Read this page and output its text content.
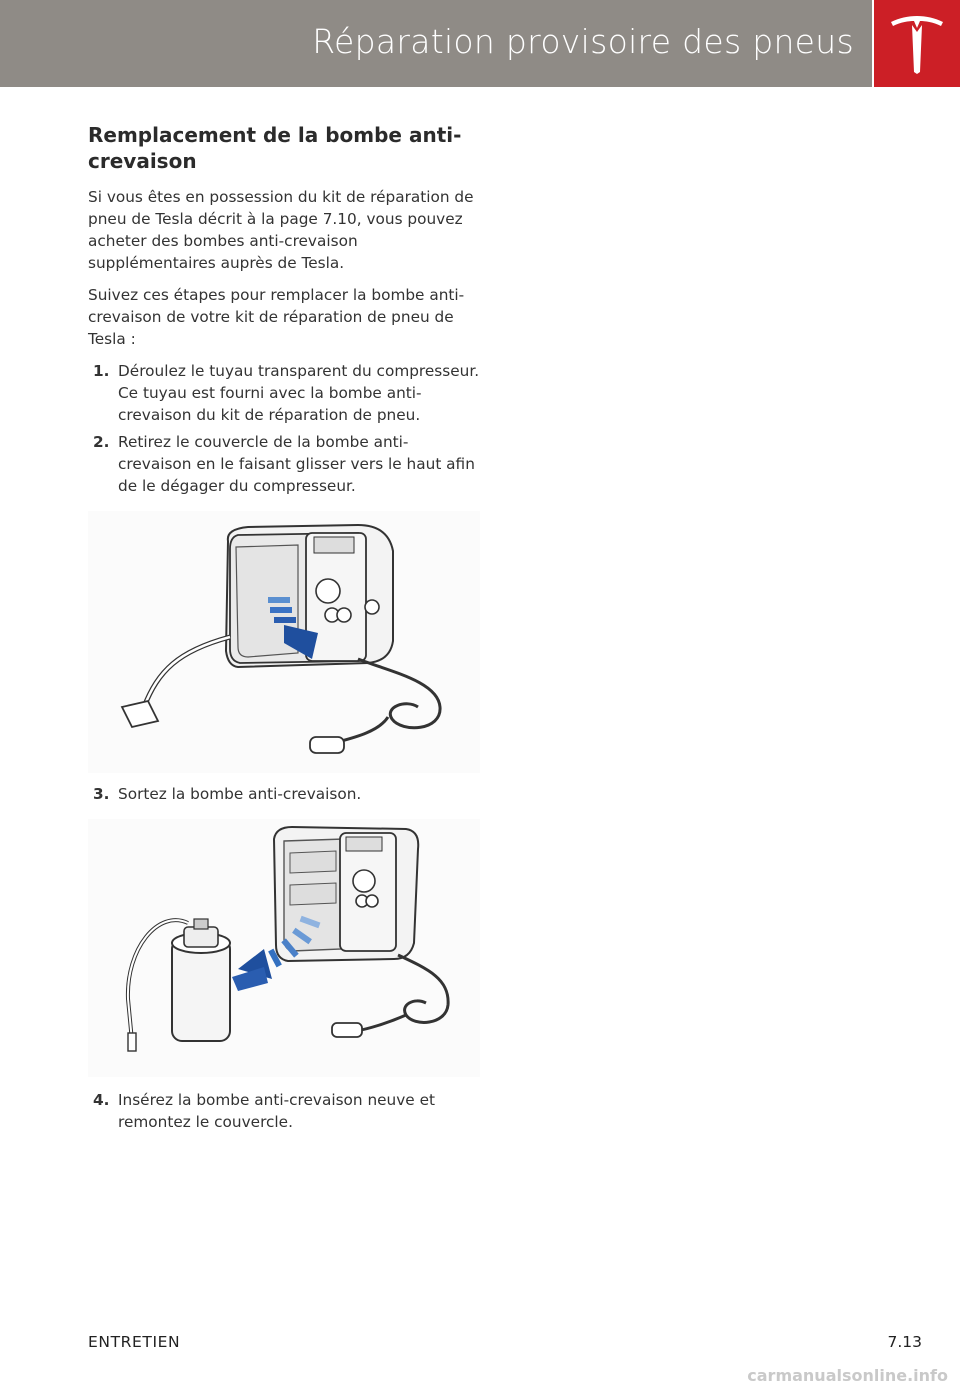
Réparation provisoire des pneus
Remplacement de la bombe anti-crevaison

Si vous êtes en possession du kit de réparation de pneu de Tesla décrit à la page 7.10, vous pouvez acheter des bombes anti-crevaison supplémentaires auprès de Tesla.

Suivez ces étapes pour remplacer la bombe anti-crevaison de votre kit de réparation de pneu de Tesla :

1. Déroulez le tuyau transparent du compresseur. Ce tuyau est fourni avec la bombe anti-crevaison du kit de réparation de pneu.
2. Retirez le couvercle de la bombe anti-crevaison en le faisant glisser vers le haut afin de le dégager du compresseur.
3. Sortez la bombe anti-crevaison.
4. Insérez la bombe anti-crevaison neuve et remontez le couvercle.
ENTRETIEN	7.13
carmanualsonline.info
